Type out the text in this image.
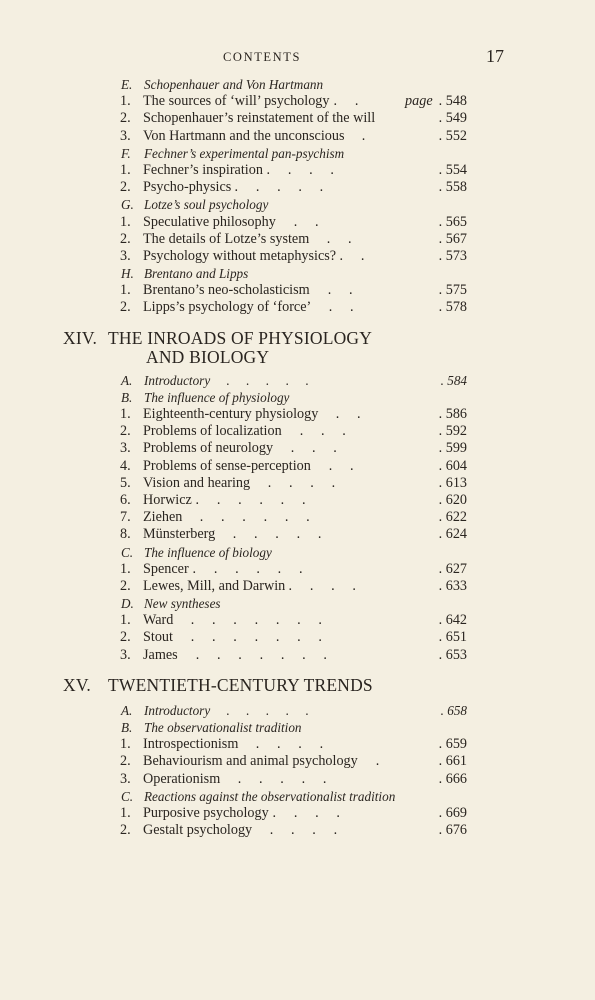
CONTENTS	17
E. Schopenhauer and Von Hartmann
1. The sources of ‘will’ psychology	page . 548
.     .
2. Schopenhauer’s reinstatement of the will	. 549
3. Von Hartmann and the unconscious	. 552
.
F. Fechner’s experimental pan-psychism
1. Fechner’s inspiration	. 554
.     .     .     .
2. Psycho-physics	. 558
.     .     .     .     .
G. Lotze’s soul psychology
1. Speculative philosophy	. 565
.     .
2. The details of Lotze’s system	. 567
.     .
3. Psychology without metaphysics?	. 573
.     .
H. Brentano and Lipps
1. Brentano’s neo-scholasticism	. 575
.     .
2. Lipps’s psychology of ‘force’	. 578
.     .
XIV. THE INROADS OF PHYSIOLOGY
AND BIOLOGY
A. Introductory	. 584
.     .     .     .     .
B. The influence of physiology
1. Eighteenth-century physiology	. 586
.     .
2. Problems of localization	. 592
.     .     .
3. Problems of neurology	. 599
.     .     .
4. Problems of sense-perception	. 604
.     .
5. Vision and hearing	. 613
.     .     .     .
6. Horwicz	. 620
.     .     .     .     .     .
7. Ziehen	. 622
.     .     .     .     .     .
8. Münsterberg	. 624
.     .     .     .     .
C. The influence of biology
1. Spencer	. 627
.     .     .     .     .     .
2. Lewes, Mill, and Darwin	. 633
.     .     .     .
D. New syntheses
1. Ward	. 642
.     .     .     .     .     .     .
2. Stout	. 651
.     .     .     .     .     .     .
3. James	. 653
.     .     .     .     .     .     .
XV. TWENTIETH-CENTURY TRENDS
A. Introductory	. 658
.     .     .     .     .
B. The observationalist tradition
1. Introspectionism	. 659
.     .     .     .
2. Behaviourism and animal psychology	. 661
.
3. Operationism	. 666
.     .     .     .     .
C. Reactions against the observationalist tradition
1. Purposive psychology	. 669
.     .     .     .
2. Gestalt psychology	. 676
.     .     .     .
